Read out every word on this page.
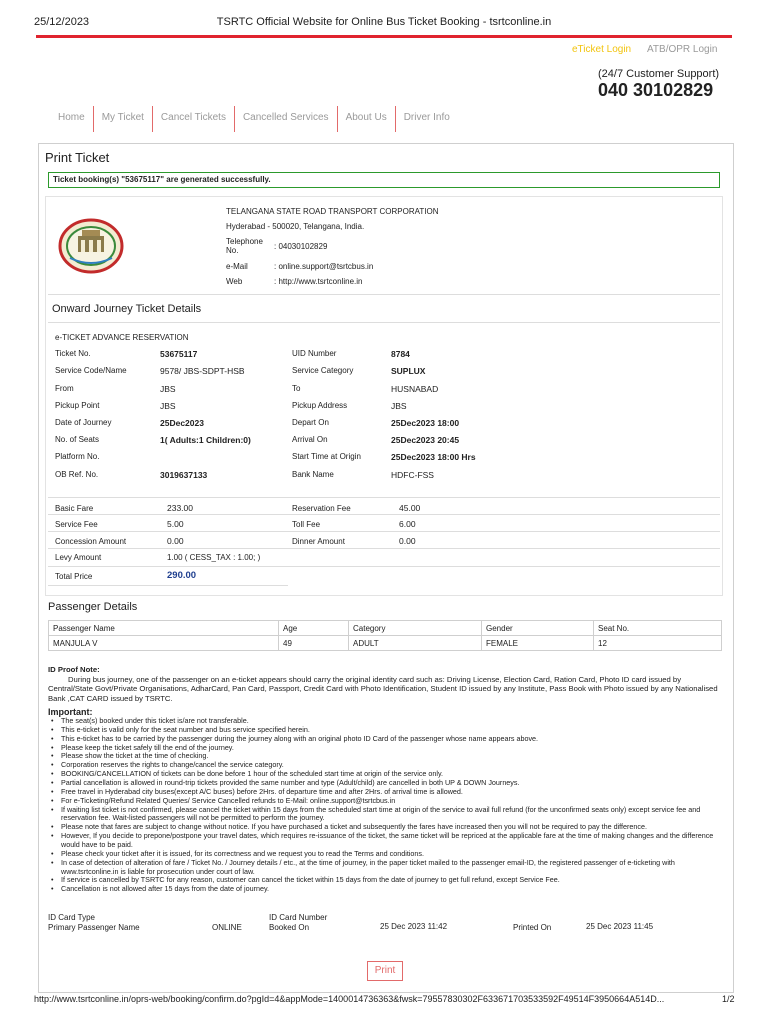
25/12/2023	TSRTC Official Website for Online Bus Ticket Booking - tsrtconline.in
eTicket Login ATB/OPR Login
(24/7 Customer Support)
040 30102829
Home	My Ticket	Cancel Tickets	Cancelled Services	About Us	Driver Info
Print Ticket
Ticket booking(s) "53675117" are generated successfully.
TELANGANA STATE ROAD TRANSPORT CORPORATION
Hyderabad - 500020, Telangana, India.
Telephone No.	: 04030102829
e-Mail	: online.support@tsrtcbus.in
Web	: http://www.tsrtconline.in
Onward Journey Ticket Details
e-TICKET ADVANCE RESERVATION
Ticket No.	53675117	UID Number	8784
Service Code/Name	9578/ JBS-SDPT-HSB	Service Category	SUPLUX
From	JBS	To	HUSNABAD
Pickup Point	JBS	Pickup Address	JBS
Date of Journey	25Dec2023	Depart On	25Dec2023 18:00
No. of Seats	1( Adults:1 Children:0)	Arrival On	25Dec2023 20:45
Platform No.	Start Time at Origin	25Dec2023 18:00 Hrs
OB Ref. No.	3019637133	Bank Name	HDFC-FSS
Basic Fare	233.00	Reservation Fee	45.00
Service Fee	5.00	Toll Fee	6.00
Concession Amount	0.00	Dinner Amount	0.00
Levy Amount	1.00 ( CESS_TAX : 1.00; )
Total Price	290.00
Passenger Details
Passenger Name	Age	Category	Gender	Seat No.
MANJULA V	49	ADULT	FEMALE	12
ID Proof Note:
During bus journey, one of the passenger on an e-ticket appears should carry the original identity card such as: Driving License, Election Card, Ration Card, Photo ID card issued by Central/State Govt/Private Organisations, AdharCard, Pan Card, Passport, Credit Card with Photo Identification, Student ID issued by any Institute, Pass Book with Photo issued by any Nationalised Bank ,CAT CARD issued by TSRTC.
Important:
• The seat(s) booked under this ticket is/are not transferable.
• This e-ticket is valid only for the seat number and bus service specified herein.
• This e-ticket has to be carried by the passenger during the journey along with an original photo ID Card of the passenger whose name appears above.
• Please keep the ticket safely till the end of the journey.
• Please show the ticket at the time of checking.
• Corporation reserves the rights to change/cancel the service category.
• BOOKING/CANCELLATION of tickets can be done before 1 hour of the scheduled start time at origin of the service only.
• Partial cancellation is allowed in round-trip tickets provided the same number and type (Adult/child) are cancelled in both UP & DOWN Journeys.
• Free travel in Hyderabad city buses(except A/C buses) before 2Hrs. of departure time and after 2Hrs. of arrival time is allowed.
• For e-Ticketing/Refund Related Queries/ Service Cancelled refunds to E-Mail: online.support@tsrtcbus.in
• If waiting list ticket is not confirmed, please cancel the ticket within 15 days from the scheduled start time at origin of the service to avail full refund (for the unconfirmed seats only) except service fee and reservation fee. Wait-listed passengers will not be permitted to perform the journey.
• Please note that fares are subject to change without notice. If you have purchased a ticket and subsequently the fares have increased then you will not be required to pay the difference.
• However, If you decide to prepone/postpone your travel dates, which requires re-issuance of the ticket, the same ticket will be repriced at the applicable fare at the time of making changes and the difference would have to be paid.
• Please check your ticket after it is issued, for its correctness and we request you to read the Terms and conditions.
• In case of detection of alteration of fare / Ticket No. / Journey details / etc., at the time of journey, in the paper ticket mailed to the passenger email-ID, the registered passenger of e-ticketing with www.tsrtconline.in is liable for prosecution under court of law.
• If service is cancelled by TSRTC for any reason, customer can cancel the ticket within 15 days from the date of journey to get full refund, except Service Fee.
• Cancellation is not allowed after 15 days from the date of journey.
ID Card Type	ID Card Number
Primary Passenger Name	ONLINE	Booked On	25 Dec 2023 11:42	Printed On	25 Dec 2023 11:45
Print
http://www.tsrtconline.in/oprs-web/booking/confirm.do?pgId=4&appMode=1400014736363&fwsk=79557830302F633671703533592F49514F3950664A514D...	1/2
